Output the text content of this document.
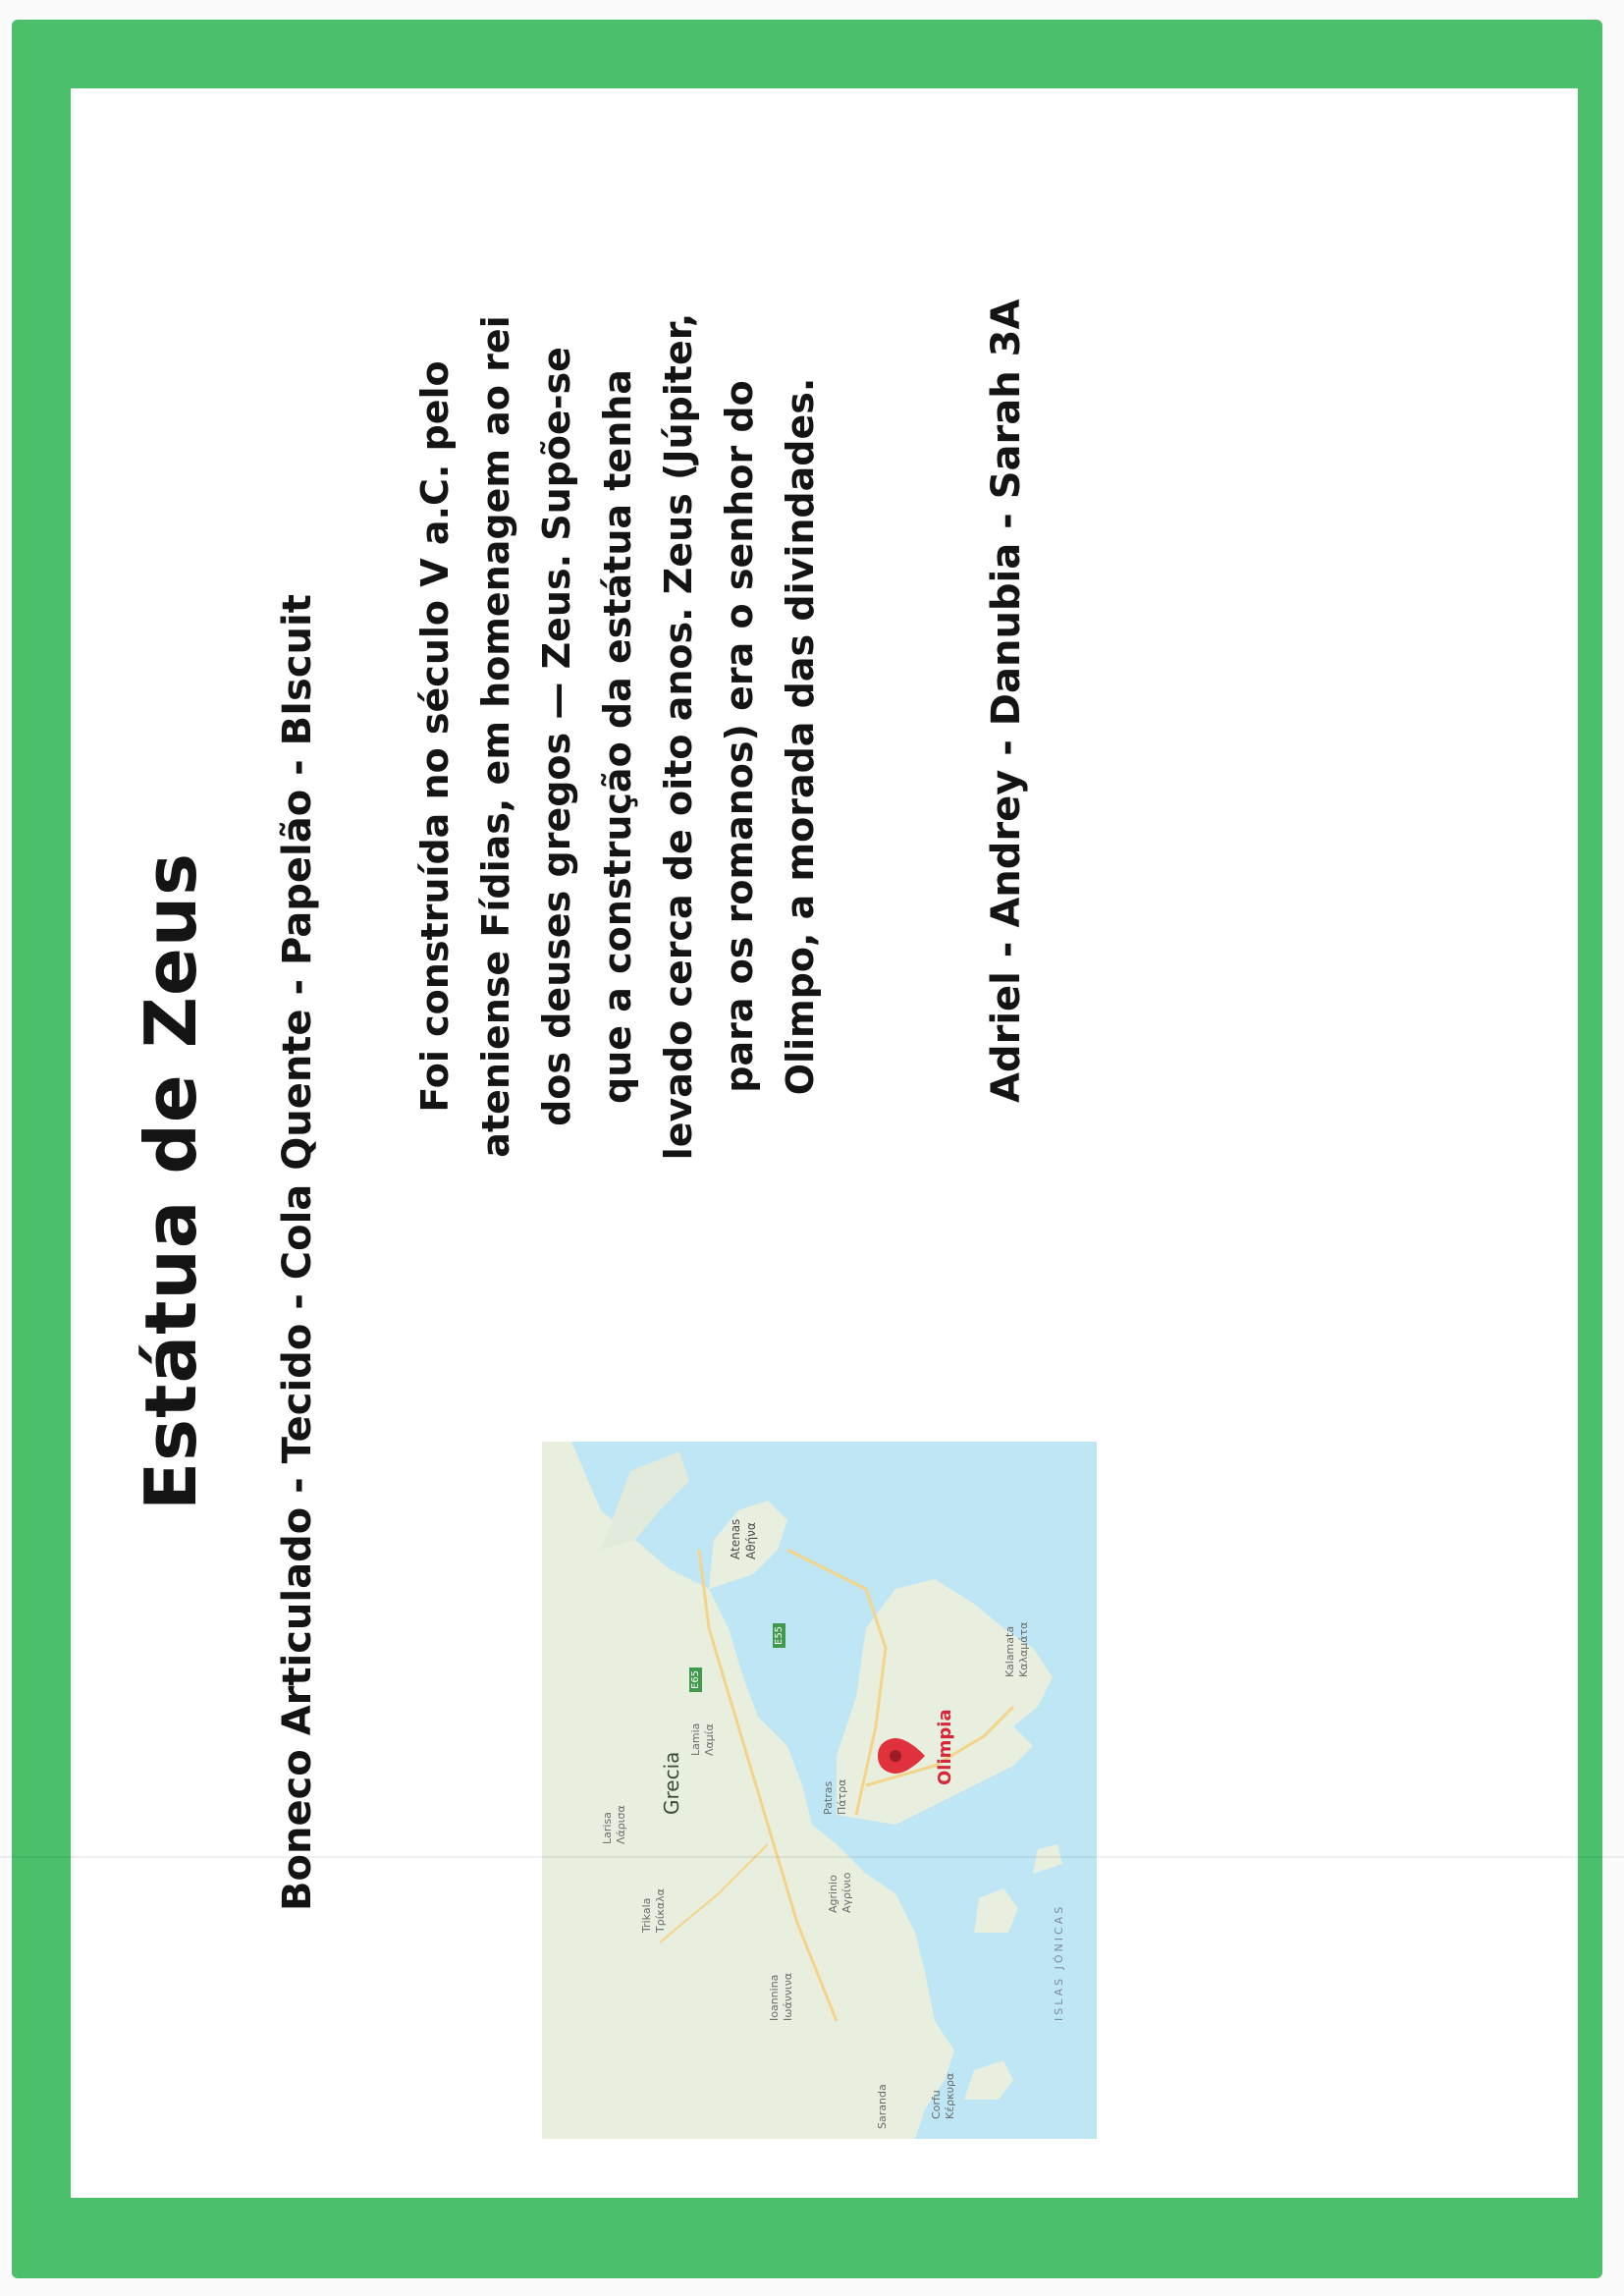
Estátua de Zeus Boneco Articulado - Tecido - Cola Quente - Papelão - BIscuit	Foi construída no século V a.C. pelo ateniense Fídias, em homenagem ao rei dos deuses gregos — Zeus. Supõe-se que a construção da estátua tenha levado cerca de oito anos. Zeus (Júpiter, para os romanos) era o senhor do Olimpo, a morada das divindades.	Adriel - Andrey - Danubia - Sarah 3A
Grecia	Olimpia
Atenas Αθήνα
Larisa Λάρισα
Trikala Τρίκαλα
Lamia Λαμία
Ioannina Ιωάννινα
Agrinio Αγρίνιο
Patras Πάτρα
Kalamata Καλαμάτα
Corfu Κέρκυρα
Saranda
ISLAS JÓNICAS
E65
E55
